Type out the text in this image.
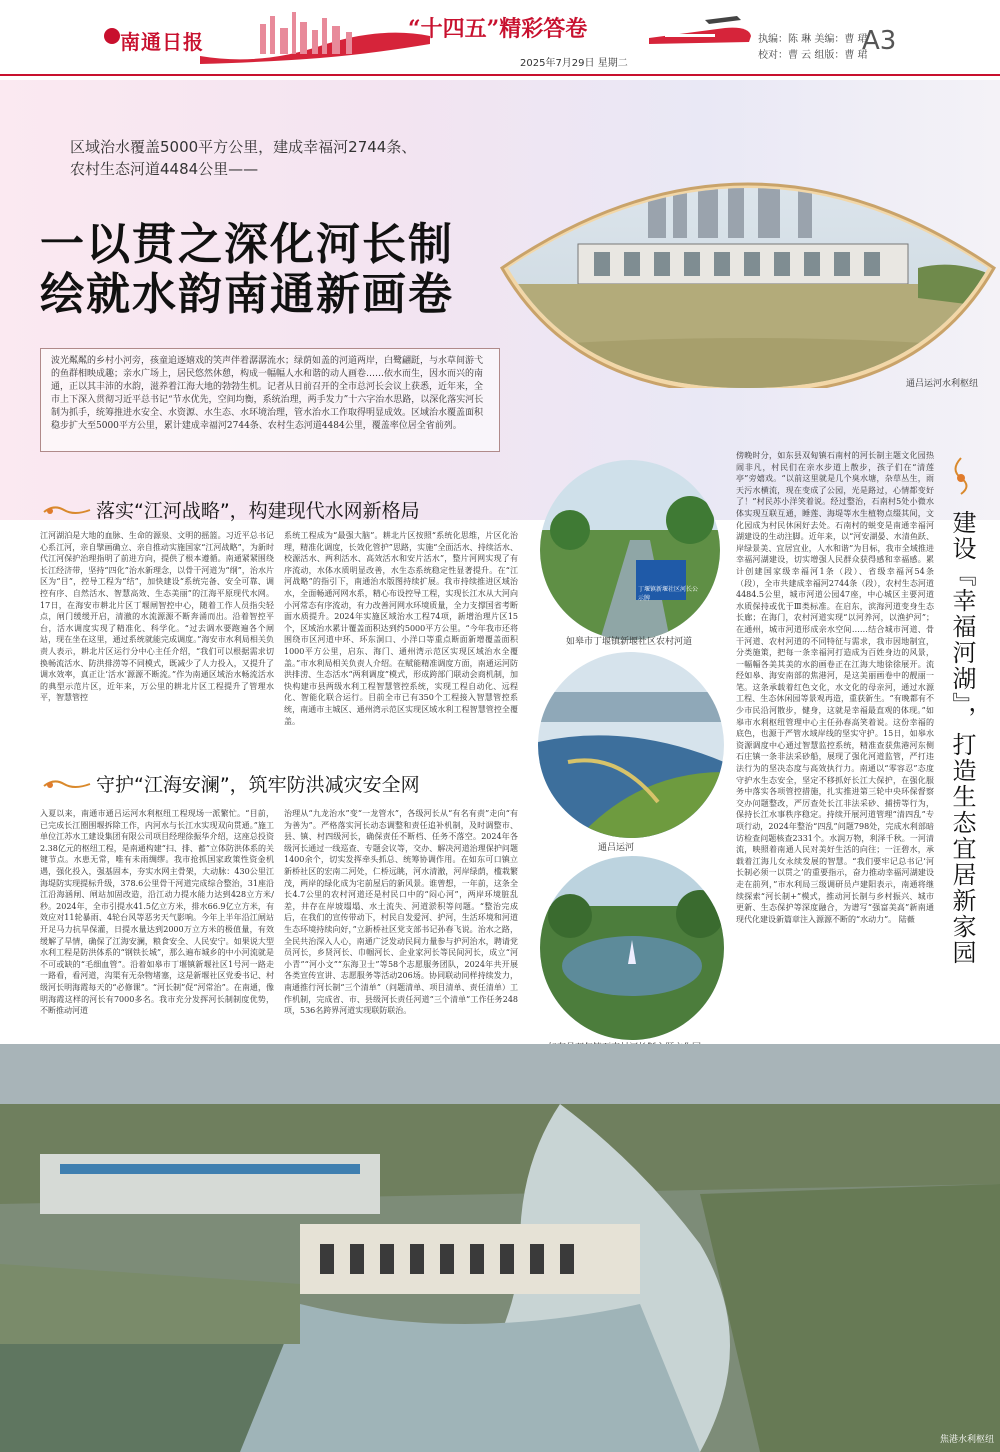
南通日报	“十四五”精彩答卷	执编：陈 琳 美编：曹 珺
校对：曹 云 组版：曹 珺
A3
2025年7月29日 星期二
区域治水覆盖5000平方公里，建成幸福河2744条、
农村生态河道4484公里——
一以贯之深化河长制
绘就水韵南通新画卷
通吕运河水利枢纽
波光粼粼的乡村小河旁，孩童追逐嬉戏的笑声伴着潺潺流水；绿荫如盖的河道两岸，白鹭翩跹，与水草间游弋的鱼群相映成趣；亲水广场上，居民悠然休憩，构成一幅幅人水和谐的动人画卷……依水而生，因水而兴的南通，正以其丰沛的水韵，滋养着江海大地的勃勃生机。记者从日前召开的全市总河长会议上获悉，近年来，全市上下深入贯彻习近平总书记“节水优先，空间均衡，系统治理，两手发力”十六字治水思路，以深化落实河长制为抓手，统筹推进水安全、水资源、水生态、水环境治理，管水治水工作取得明显成效。区域治水覆盖面积稳步扩大至5000平方公里，累计建成幸福河2744条、农村生态河道4484公里，覆盖率位居全省前列。
落实“江河战略”，构建现代水网新格局
江河湖泊是大地的血脉、生命的源泉、文明的摇篮。习近平总书记心系江河，亲自擘画确立、亲自推动实施国家“江河战略”，为新时代江河保护治理指明了前进方向，提供了根本遵循。南通紧紧围绕长江经济带，坚持“四化”治水新理念，以骨干河道为“纲”，治水片区为“目”，控导工程为“结”，加快建设“系统完备、安全可靠、调控有序、自然活水、智慧高效、生态美丽”的江海平原现代水网。17日，在海安市耕北片区丁堰闸智控中心，随着工作人员指尖轻点，闸门缓缓开启，清澈的水流源源不断奔涌而出。沿着智控平台，活水调度实现了精准化、科学化。“过去调水要跑遍各个闸站，现在坐在这里，通过系统就能完成调度。”海安市水利局相关负责人表示，耕北片区运行分中心主任介绍，“我们可以根据需求切换畅流活水、防洪排涝等不同模式，既减少了人力投入，又提升了调水效率，真正让‘活水’源源不断流。”作为南通区域治水畅流活水的典型示范片区，近年来，万公里的耕北片区工程提升了管理水平，智慧管控
系统工程成为“最强大脑”。耕北片区按照“系统化思维，片区化治理，精准化调度，长效化管护”思路，实施“全面活水、持续活水、校源活水、两利活水、高效活水和安片活水”，整片河网实现了有序流动，水体水质明显改善，水生态系统稳定性显著提升。在“江河战略”的指引下，南通治水版图持续扩展。我市持续推进区域治水，全面畅通河网水系，精心布设控导工程，实现长江水从大河向小河常态有序流动，有力改善河网水环境质量，全力支撑国省考断面水质提升。2024年实施区域治水工程74项，新增治理片区15个，区域治水累计覆盖面积达到约5000平方公里。“今年我市还将围绕市区河道中环、环东洞口、小洋口等重点断面新增覆盖面积1000平方公里，启东、海门、通州湾示范区实现区域治水全覆盖。”市水利局相关负责人介绍。在赋能精准调度方面，南通运河防洪排涝、生态活水“两利调度”模式，形成跨部门联动会商机制，加快构建市县两级水利工程智慧管控系统，实现工程自动化、远程化、智能化联合运行。目前全市已有350个工程接入智慧管控系统，南通市主城区、通州湾示范区实现区域水利工程智慧管控全覆盖。
守护“江海安澜”，筑牢防洪减灾安全网
入夏以来，南通市通吕运河水利枢纽工程现场一派繁忙。“目前，已完成长江圈围堰拆除工作，内河水与长江水实现双向贯通。”施工单位江苏水工建设集团有限公司项目经理徐振华介绍，这座总投资2.38亿元的枢纽工程，是南通构建“扫、排、蓄”立体防洪体系的关键节点。水患无常，唯有未雨绸缪。我市抢抓国家政策性资金机遇，强化投入，强基固本，夯实水网主骨架，大动脉：430公里江海堤防实现提标升级，378.6公里骨干河道完成综合整治，31座沿江沿海涵闸、闸站加固改造，沿江动力提水能力达到428立方米/秒。2024年，全市引提水41.5亿立方米，排水66.9亿立方米，有效应对11轮暴雨、4轮台风等恶劣天气影响。今年上半年沿江闸站开足马力抗旱保灌，日提水量达到2000万立方米的极值量，有效缓解了旱情，确保了江海安澜，粮食安全、人民安宁。如果说大型水利工程是防洪体系的“钢铁长城”，那么遍布城乡的中小河流就是不可或缺的“毛细血管”。沿着如皋市丁堰镇新堰社区1号河一路走一路看，看河道，沟渠有无杂物堵塞，这是新堰社区党委书记、村级河长明海霞每天的“必修课”。“河长制”促“河常治”。在南通，像明海霞这样的河长有7000多名。我市充分发挥河长制制度优势，不断推动河道
治理从“九龙治水”变“一龙管水”，各级河长从“有名有责”走向“有为善为”。严格落实河长动态调整和责任追补机制，及时调整市、县、镇、村四级河长，确保责任不断档、任务不落空。2024年各级河长通过一线巡查、专题会议等，交办、解决河道治理保护问题1400余个，切实发挥牵头抓总、统筹协调作用。在如东可口镇立新桥社区的宏南二河处，仁桥远眺，河水清澈，河岸绿荫，槛栽繁茂，两岸的绿化成为宅前屋后的新风景。谁曾想，一年前，这条全长4.7公里的农村河道还是村民口中的“闷心河”，两岸环境脏乱差，井存在岸坡塌塌、水土流失、河道淤积等问题。“整治完成后，在我们的宣传带动下，村民自发爱河、护河，生活环境和河道生态环境持续向好，”立新桥社区党支部书记孙春飞说。治水之路，全民共治深入人心，南通广泛发动民间力量参与护河治水，聘请党员河长，乡贤河长、巾帼河长、企业家河长等民间河长，成立“河小青”“河小文”“东海卫士”等58个志愿服务团队，2024年共开展各类宣传宣讲、志愿服务等活动206场。协同联动同样持续发力，南通推行河长制“三个清单”（问题清单、项目清单、责任清单）工作机制，完成省、市、县级河长责任河道“三个清单”工作任务248项，536名跨界河道实现联防联治。
丁堰镇新堰社区河长公示牌
如皋市丁堰镇新堰社区农村河道
通吕运河	建设『幸福河湖』，打造生态宜居新家园
傍晚时分，如东县双甸镇石南村的河长制主题文化园热闹非凡，村民们在亲水步道上散步，孩子们在“清莲亭”旁嬉戏。“以前这里就是几个臭水塘，杂草丛生，雨天污水横流，现在变成了公园，光是路过，心情都变好了！”村民苏小洋笑着说。经过整治，石南村5处小微水体实现互联互通，睡莲、海堤等水生植物点缀其间，文化园成为村民休闲好去处。石南村的蜕变是南通幸福河湖建设的生动注脚。近年来，以“河安湖晏、水清鱼跃、岸绿景美、宜居宜业，人水和谐”为目标，我市全域推进幸福河湖建设，切实增强人民群众获得感和幸福感。累计创建国家级幸福河1条（段）、省级幸福河54条（段），全市共建成幸福河2744条（段），农村生态河道4484.5公里，城市河道公园47座，中心城区主要河道水质保持或优于Ⅲ类标准。在启东，滨海河道变身生态长廊；在海门，农村河道实现“以河养河，以渔护河”；在通州，城市河道形成亲水空间……结合城市河道、骨干河道、农村河道的不同特征与需求，我市因地制宜，分类施策，把每一条幸福河打造成为百姓身边的风景，一幅幅各美其美的水韵画卷正在江海大地徐徐展开。流经如皋、海安南部的焦港河，是这美丽画卷中的靓丽一笔。这条承载着红色文化，水文化的母亲河，通过水源工程、生态休闲园等景观再造，重获新生。“有晚都有不少市民沿河散步，健身，这就是幸福最直观的体现。”如皋市水利枢纽管理中心主任孙春高笑着说。这份幸福的底色，也源于严管水域岸线的坚实守护。15日，如皋水资源调度中心通过智慧监控系统，精准查获焦港河东侧石庄镇一条非法采砂船，展现了强化河道监管，严打违法行为的坚决态度与高效执行力。南通以“零容忍”态度守护水生态安全，坚定不移抓好长江大保护，在强化服务中落实各项管控措施，扎实推进第三轮中央环保督察交办问题整改，严厉查处长江非法采砂、捕捞等行为，保持长江水事秩序稳定。持续开展河道管理“清四乱”专项行动，2024年整治“四乱”问题798处，完成水利部暗访检查问题核查2331个。水润万物，利泽千秋。一河清流，映照着南通人民对美好生活的向往；一汪碧水，承载着江海儿女永续发展的智慧。“我们要牢记总书记‘河长制必须一以贯之’的重要指示，奋力推动幸福河湖建设走在前列，”市水利局三级调研员卢建阳表示，南通将继续探索“河长制+”模式，推动河长制与乡村振兴、城市更新、生态保护等深度融合，为谱写“强富美高”新南通现代化建设新篇章注入源源不断的“水动力”。 陆薇
焦港水利枢纽
